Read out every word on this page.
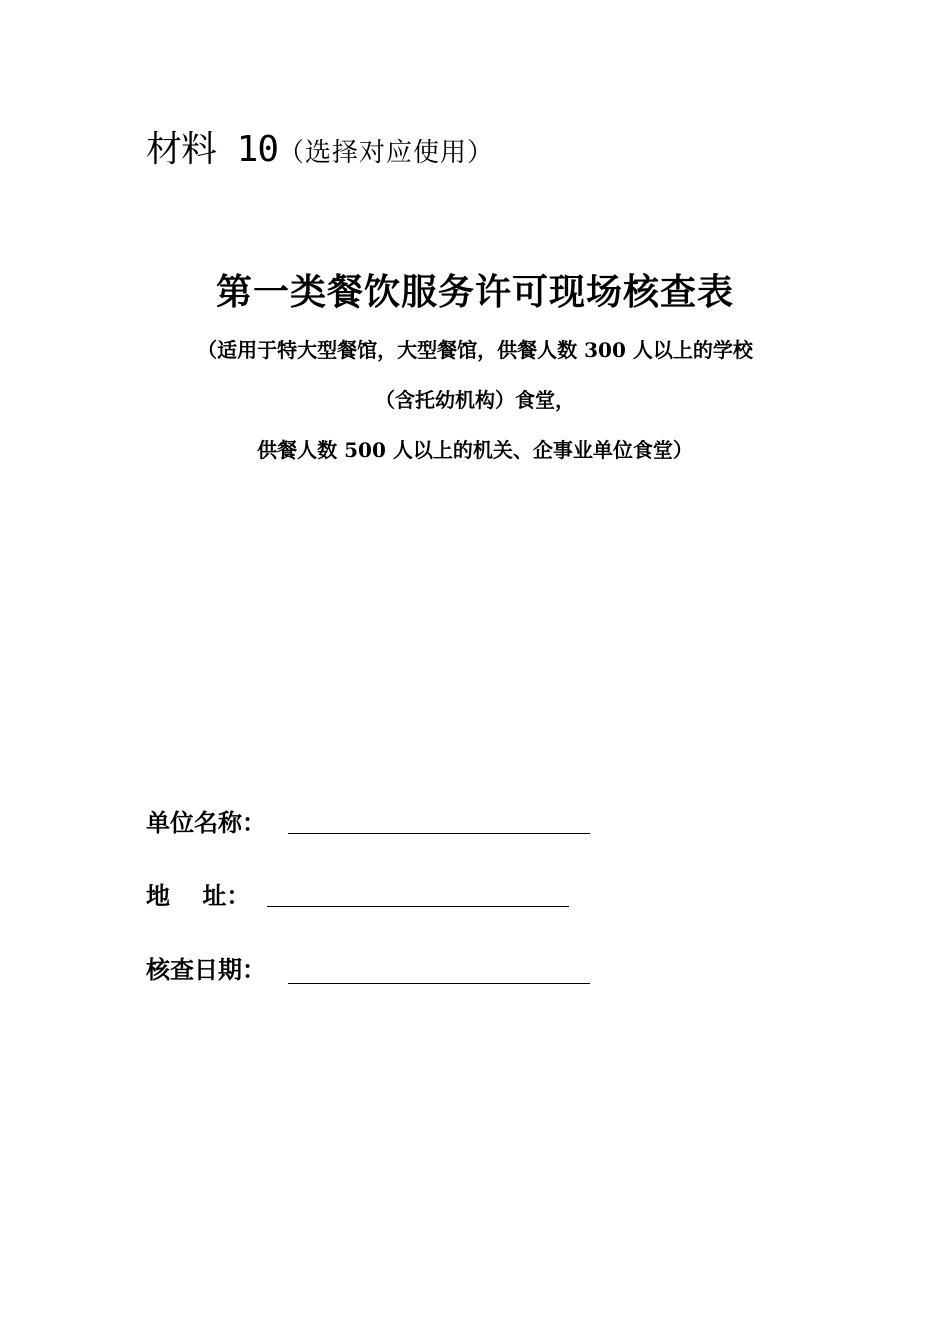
材料 10（选择对应使用）
第一类餐饮服务许可现场核查表
（适用于特大型餐馆，大型餐馆，供餐人数 300 人以上的学校
（含托幼机构）食堂，
供餐人数 500 人以上的机关、企事业单位食堂）
单位名称：
地　 址：
核查日期：
